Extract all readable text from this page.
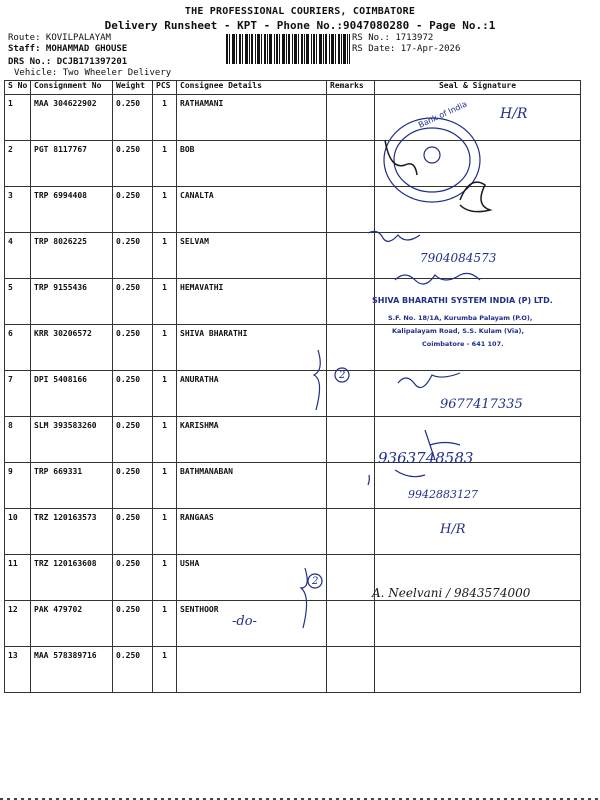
THE PROFESSIONAL COURIERS, COIMBATORE
Delivery Runsheet - KPT - Phone No.:9047080280 - Page No.:1
Route: KOVILPALAYAM
Staff: MOHAMMAD GHOUSE
DRS No.: DCJB171397201
Vehicle: Two Wheeler Delivery
RS No.: 1713972
RS Date: 17-Apr-2026
S No	Consignment No	Weight	PCS	Consignee Details	Remarks	Seal & Signature
1	MAA 304622902	0.250	1	RATHAMANI		
2	PGT 8117767	0.250	1	BOB		
3	TRP 6994408	0.250	1	CANALTA		
4	TRP 8026225	0.250	1	SELVAM		
5	TRP 9155436	0.250	1	HEMAVATHI		
6	KRR 30206572	0.250	1	SHIVA BHARATHI		
7	DPI 5408166	0.250	1	ANURATHA		
8	SLM 393583260	0.250	1	KARISHMA		
9	TRP 669331	0.250	1	BATHMANABAN		
10	TRZ 120163573	0.250	1	RANGAAS		
11	TRZ 120163608	0.250	1	USHA		
12	PAK 479702	0.250	1	SENTHOOR		
13	MAA 578389716	0.250	1			
Bank of India
SHIVA BHARATHI SYSTEM INDIA (P) LTD.
S.F. No. 18/1A, Kurumba Palayam (P.O),
Kalipalayam Road, S.S. Kulam (Via),
Coimbatore - 641 107.
H/R
7904084573
9677417335
9363748583
9942883127
H/R
A. Neelvani / 9843574000
-do-
2
2
